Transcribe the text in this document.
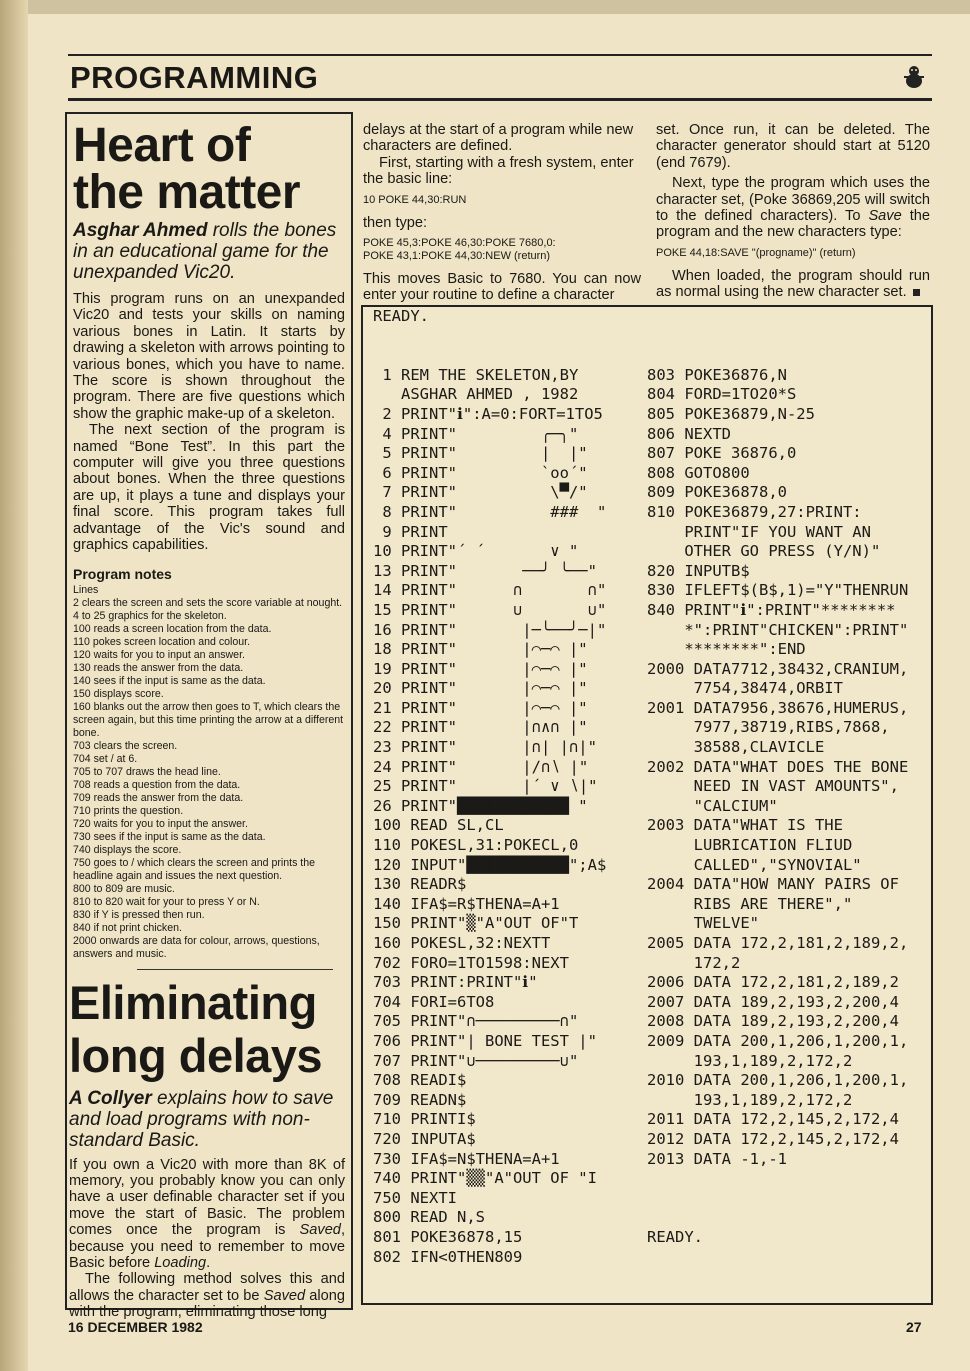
PROGRAMMING
Heart of
the matter
Asghar Ahmed rolls the bones in an educational game for the unexpanded Vic20.

This program runs on an unexpanded Vic20 and tests your skills on naming various bones in Latin. It starts by drawing a skeleton with arrows pointing to various bones, which you have to name. The score is shown throughout the program. There are five questions which show the graphic make-up of a skeleton.

The next section of the program is named “Bone Test”. In this part the computer will give you three questions about bones. When the three questions are up, it plays a tune and displays your final score. This program takes full advantage of the Vic's sound and graphics capabilities.

Program notes
Lines
2 clears the screen and sets the score variable at nought.
4 to 25 graphics for the skeleton.
100 reads a screen location from the data.
110 pokes screen location and colour.
120 waits for you to input an answer.
130 reads the answer from the data.
140 sees if the input is same as the data.
150 displays score.
160 blanks out the arrow then goes to T, which clears the screen again, but this time printing the arrow at a different bone.
703 clears the screen.
704 set / at 6.
705 to 707 draws the head line.
708 reads a question from the data.
709 reads the answer from the data.
710 prints the question.
720 waits for you to input the answer.
730 sees if the input is same as the data.
740 displays the score.
750 goes to / which clears the screen and prints the headline again and issues the next question.
800 to 809 are music.
810 to 820 wait for your to press Y or N.
830 if Y is pressed then run.
840 if not print chicken.
2000 onwards are data for colour, arrows, questions, answers and music.
Eliminating
long delays
A Collyer explains how to save and load programs with non-standard Basic.

If you own a Vic20 with more than 8K of memory, you probably know you can only have a user definable character set if you move the start of Basic. The problem comes once the program is Saved, because you need to remember to move Basic before Loading.

The following method solves this and allows the character set to be Saved along with the program, eliminating those long

delays at the start of a program while new characters are defined.

First, starting with a fresh system, enter the basic line:

10 POKE 44,30:RUN

then type:

POKE 45,3:POKE 46,30:POKE 7680,0:
POKE 43,1:POKE 44,30:NEW (return)

This moves Basic to 7680. You can now enter your routine to define a character

set. Once run, it can be deleted. The character generator should start at 5120 (end 7679).

Next, type the program which uses the character set, (Poke 36869,205 will switch to the defined characters). To Save the program and the new characters type:

POKE 44,18:SAVE "(progname)" (return)

When loaded, the program should run as normal using the new character set.

READY.

1 REM THE SKELETON,BY
ASGHAR AHMED , 1982
2 PRINT"ℹ":A=0:FORT=1TO5
4 PRINT"         ╭─╮"
5 PRINT"         |  |"
6 PRINT"         `oo´"
7 PRINT"          \▀/"
8 PRINT"          ###  "
9 PRINT
10 PRINT"´ ´       ∨ "
13 PRINT"       ──╯ ╰──"
14 PRINT"      ∩       ∩"
15 PRINT"      ∪       ∪"
16 PRINT"       |─╰──╯─|"
18 PRINT"       |⌒─⌒ |"
19 PRINT"       |⌒─⌒ |"
20 PRINT"       |⌒─⌒ |"
21 PRINT"       |⌒─⌒ |"
22 PRINT"       |∩∧∩ |"
23 PRINT"       |∩| |∩|"
24 PRINT"       |∕∩∖ |"
25 PRINT"       |´ ∨ ∖|"
26 PRINT"████████████ "
100 READ SL,CL
110 POKESL,31:POKECL,0
120 INPUT"███████████";A$
130 READR$
140 IFA$=R$THENA=A+1
150 PRINT"▒"A"OUT OF"T
160 POKESL,32:NEXTT
702 FORO=1TO1598:NEXT
703 PRINT:PRINT"ℹ"
704 FORI=6TO8
705 PRINT"∩─────────∩"
706 PRINT"| BONE TEST |"
707 PRINT"∪─────────∪"
708 READI$
709 READN$
710 PRINTI$
720 INPUTA$
730 IFA$=N$THENA=A+1
740 PRINT"▒▒"A"OUT OF "I
750 NEXTI
800 READ N,S
801 POKE36878,15
802 IFN<0THEN809

803 POKE36876,N
804 FORD=1TO20*S
805 POKE36879,N-25
806 NEXTD
807 POKE 36876,0
808 GOTO800
809 POKE36878,0
810 POKE36879,27:PRINT:
PRINT"IF YOU WANT AN
OTHER GO PRESS (Y/N)"
820 INPUTB$
830 IFLEFT$(B$,1)="Y"THENRUN
840 PRINT"ℹ":PRINT"********
*":PRINT"CHICKEN":PRINT"
********":END
2000 DATA7712,38432,CRANIUM,
7754,38474,ORBIT
2001 DATA7956,38676,HUMERUS,
7977,38719,RIBS,7868,
38588,CLAVICLE
2002 DATA"WHAT DOES THE BONE
NEED IN VAST AMOUNTS",
"CALCIUM"
2003 DATA"WHAT IS THE
LUBRICATION FLIUD
CALLED","SYNOVIAL"
2004 DATA"HOW MANY PAIRS OF
RIBS ARE THERE","
TWELVE"
2005 DATA 172,2,181,2,189,2,
172,2
2006 DATA 172,2,181,2,189,2
2007 DATA 189,2,193,2,200,4
2008 DATA 189,2,193,2,200,4
2009 DATA 200,1,206,1,200,1,
193,1,189,2,172,2
2010 DATA 200,1,206,1,200,1,
193,1,189,2,172,2
2011 DATA 172,2,145,2,172,4
2012 DATA 172,2,145,2,172,4
2013 DATA -1,-1

READY.
16 DECEMBER 1982	27
